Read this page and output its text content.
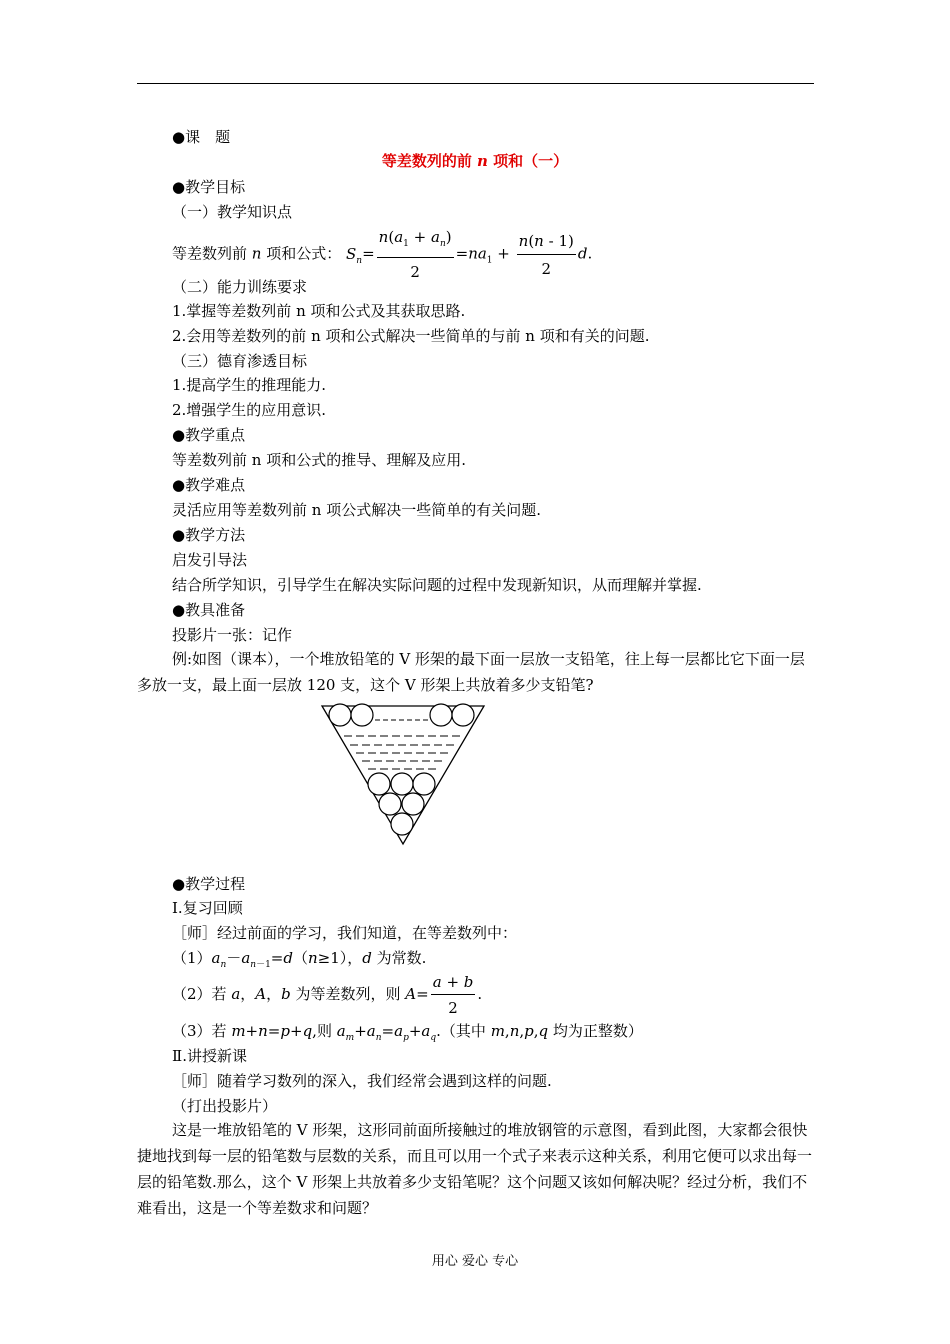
●课　题
等差数列的前 n 项和（一）
●教学目标
（一）教学知识点
等差数列前 n 项和公式： $S_n= \frac{n(a_1 + a_n)}{2} =na_1 + \frac{n(n - 1)}{2} d$.
（二）能力训练要求
1.掌握等差数列前 n 项和公式及其获取思路.
2.会用等差数列的前 n 项和公式解决一些简单的与前 n 项和有关的问题.
（三）德育渗透目标
1.提高学生的推理能力.
2.增强学生的应用意识.
●教学重点
等差数列前 n 项和公式的推导、理解及应用.
●教学难点
灵活应用等差数列前 n 项公式解决一些简单的有关问题.
●教学方法
启发引导法
结合所学知识，引导学生在解决实际问题的过程中发现新知识，从而理解并掌握.
●教具准备
投影片一张：记作
例:如图（课本），一个堆放铅笔的 V 形架的最下面一层放一支铅笔，往上每一层都比它下面一层多放一支，最上面一层放 120 支，这个 V 形架上共放着多少支铅笔?
●教学过程
Ⅰ.复习回顾
［师］经过前面的学习，我们知道，在等差数列中：
$(1)a_n-a_{n-1}=d(n\ge 1)$，d 为常数.
（2）若 a，A，b 为等差数列，则 $A= \frac{a + b}{2}$ .
（3）若 m+n=p+q,则 $a_m+a_n=a_p+a_q$.（其中 m,n,p,q 均为正整数）
Ⅱ.讲授新课
［师］随着学习数列的深入，我们经常会遇到这样的问题.
（打出投影片）
这是一堆放铅笔的 V 形架，这形同前面所接触过的堆放钢管的示意图，看到此图，大家都会很快捷地找到每一层的铅笔数与层数的关系，而且可以用一个式子来表示这种关系，利用它便可以求出每一层的铅笔数.那么，这个 V 形架上共放着多少支铅笔呢？这个问题又该如何解决呢？经过分析，我们不难看出，这是一个等差数求和问题？
用心 爱心 专心
